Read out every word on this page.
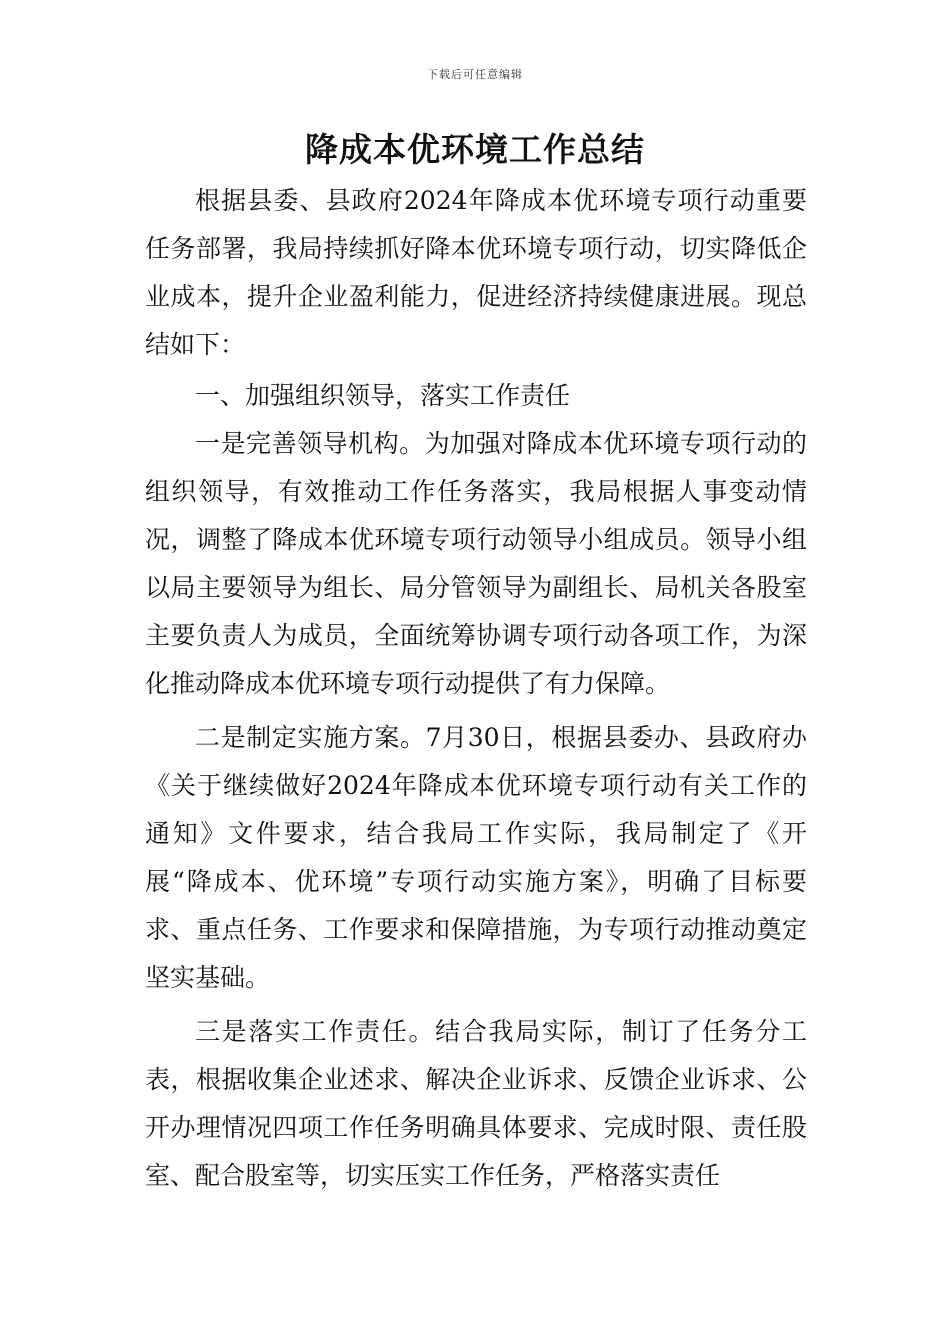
下载后可任意编辑
降成本优环境工作总结

根据县委、县政府2024年降成本优环境专项行动重要任务部署，我局持续抓好降本优环境专项行动，切实降低企业成本，提升企业盈利能力，促进经济持续健康进展。现总结如下：

一、加强组织领导，落实工作责任

一是完善领导机构。为加强对降成本优环境专项行动的组织领导，有效推动工作任务落实，我局根据人事变动情况，调整了降成本优环境专项行动领导小组成员。领导小组以局主要领导为组长、局分管领导为副组长、局机关各股室主要负责人为成员，全面统筹协调专项行动各项工作，为深化推动降成本优环境专项行动提供了有力保障。

二是制定实施方案。7月30日，根据县委办、县政府办《关于继续做好2024年降成本优环境专项行动有关工作的通知》文件要求，结合我局工作实际，我局制定了《开展“降成本、优环境”专项行动实施方案》，明确了目标要求、重点任务、工作要求和保障措施，为专项行动推动奠定坚实基础。

三是落实工作责任。结合我局实际，制订了任务分工表，根据收集企业述求、解决企业诉求、反馈企业诉求、公开办理情况四项工作任务明确具体要求、完成时限、责任股室、配合股室等，切实压实工作任务，严格落实责任
